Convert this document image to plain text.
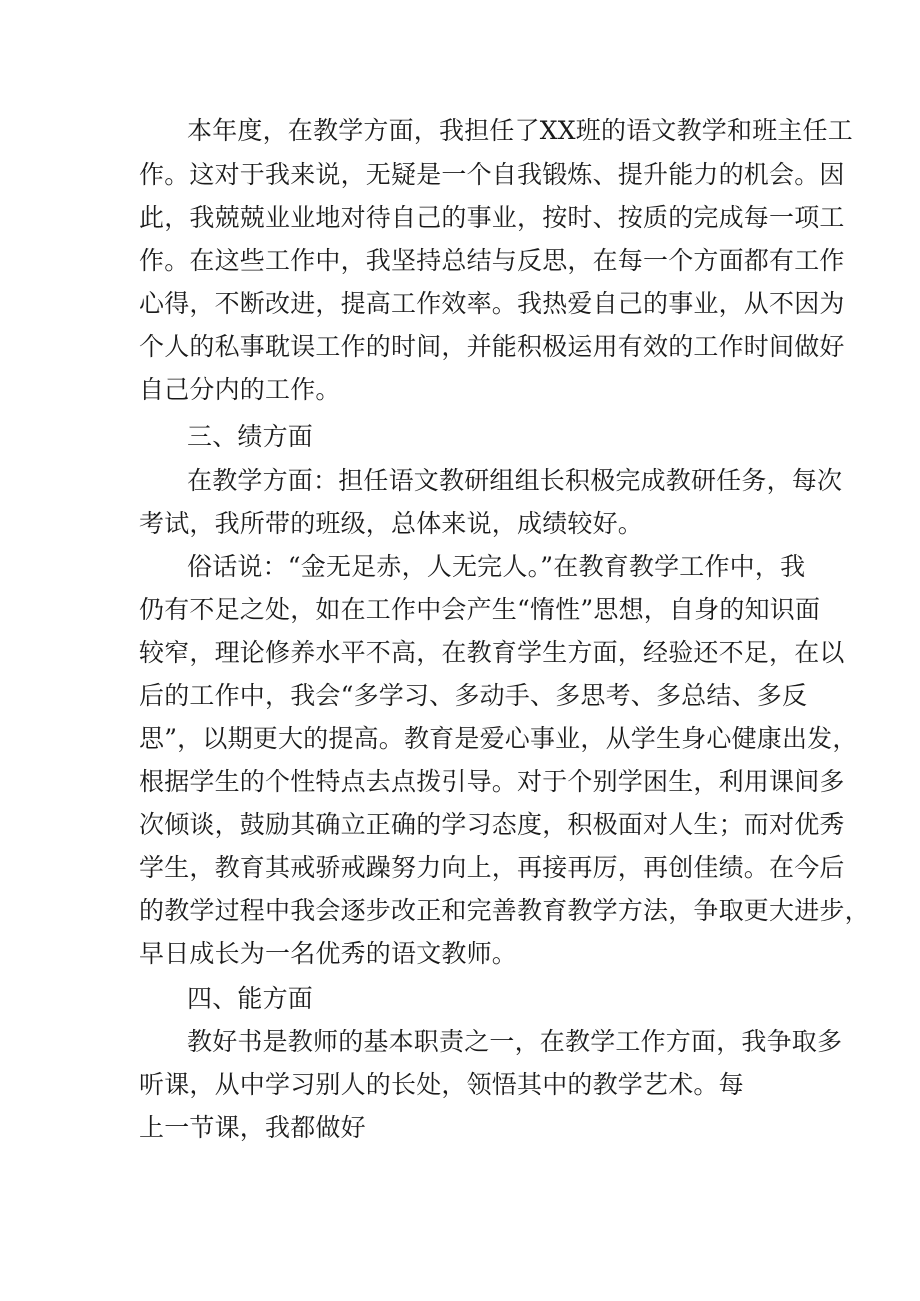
本年度，在教学方面，我担任了XX班的语文教学和班主任工
作。这对于我来说，无疑是一个自我锻炼、提升能力的机会。因
此，我兢兢业业地对待自己的事业，按时、按质的完成每一项工
作。在这些工作中，我坚持总结与反思，在每一个方面都有工作
心得，不断改进，提高工作效率。我热爱自己的事业，从不因为
个人的私事耽误工作的时间，并能积极运用有效的工作时间做好
自己分内的工作。
三、绩方面
在教学方面：担任语文教研组组长积极完成教研任务，每次
考试，我所带的班级，总体来说，成绩较好。
俗话说：“金无足赤，人无完人。”在教育教学工作中，我
仍有不足之处，如在工作中会产生“惰性”思想，自身的知识面
较窄，理论修养水平不高，在教育学生方面，经验还不足，在以
后的工作中，我会“多学习、多动手、多思考、多总结、多反
思”，以期更大的提高。教育是爱心事业，从学生身心健康出发，
根据学生的个性特点去点拨引导。对于个别学困生，利用课间多
次倾谈，鼓励其确立正确的学习态度，积极面对人生；而对优秀
学生，教育其戒骄戒躁努力向上，再接再厉，再创佳绩。在今后
的教学过程中我会逐步改正和完善教育教学方法，争取更大进步，
早日成长为一名优秀的语文教师。
四、能方面
教好书是教师的基本职责之一，在教学工作方面，我争取多
听课，从中学习别人的长处，领悟其中的教学艺术。每
上一节课，我都做好
